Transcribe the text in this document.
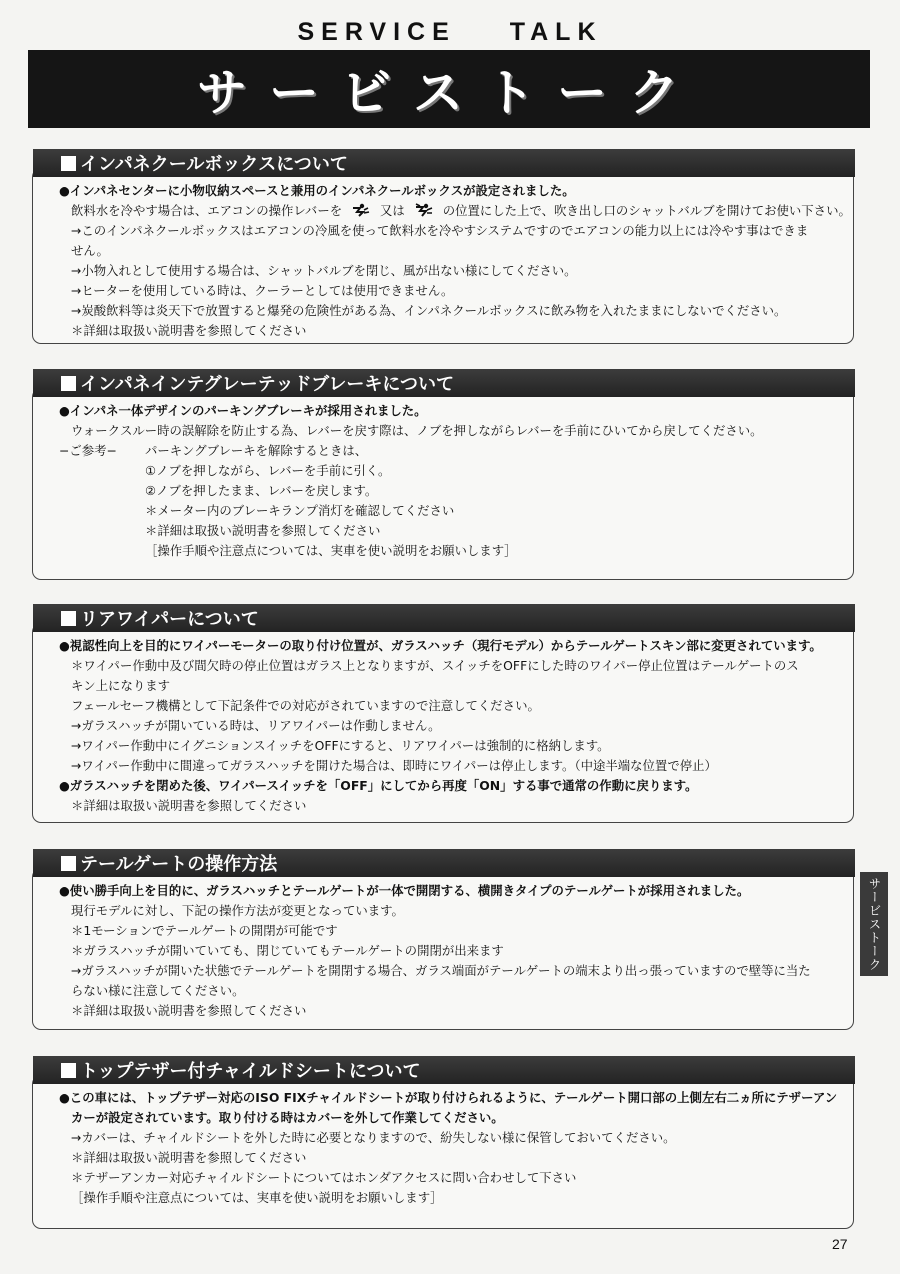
SERVICE TALK
サービストーク
インパネクールボックスについて
●インパネセンターに小物収納スペースと兼用のインパネクールボックスが設定されました。
飲料水を冷やす場合は、エアコンの操作レバーを	又は	の位置にした上で、吹き出し口のシャットバルブを開けてお使い下さい。
→このインパネクールボックスはエアコンの冷風を使って飲料水を冷やすシステムですのでエアコンの能力以上には冷やす事はできま
せん。
→小物入れとして使用する場合は、シャットバルブを閉じ、風が出ない様にしてください。
→ヒーターを使用している時は、クーラーとしては使用できません。
→炭酸飲料等は炎天下で放置すると爆発の危険性がある為、インパネクールボックスに飲み物を入れたままにしないでください。
＊詳細は取扱い説明書を参照してください
インパネインテグレーテッドブレーキについて
●インパネ一体デザインのパーキングブレーキが採用されました。
ウォークスルー時の誤解除を防止する為、レバーを戻す際は、ノブを押しながらレバーを手前にひいてから戻してください。
−ご参考−	パーキングブレーキを解除するときは、
①ノブを押しながら、レバーを手前に引く。
②ノブを押したまま、レバーを戻します。
＊メーター内のブレーキランプ消灯を確認してください
＊詳細は取扱い説明書を参照してください
［操作手順や注意点については、実車を使い説明をお願いします］
リアワイパーについて
●視認性向上を目的にワイパーモーターの取り付け位置が、ガラスハッチ（現行モデル）からテールゲートスキン部に変更されています。
＊ワイパー作動中及び間欠時の停止位置はガラス上となりますが、スイッチをOFFにした時のワイパー停止位置はテールゲートのス
キン上になります
フェールセーフ機構として下記条件での対応がされていますので注意してください。
→ガラスハッチが開いている時は、リアワイパーは作動しません。
→ワイパー作動中にイグニションスイッチをOFFにすると、リアワイパーは強制的に格納します。
→ワイパー作動中に間違ってガラスハッチを開けた場合は、即時にワイパーは停止します。（中途半端な位置で停止）
●ガラスハッチを閉めた後、ワイパースイッチを「OFF」にしてから再度「ON」する事で通常の作動に戻ります。
＊詳細は取扱い説明書を参照してください
テールゲートの操作方法
●使い勝手向上を目的に、ガラスハッチとテールゲートが一体で開閉する、横開きタイプのテールゲートが採用されました。
現行モデルに対し、下記の操作方法が変更となっています。
＊1モーションでテールゲートの開閉が可能です
＊ガラスハッチが開いていても、閉じていてもテールゲートの開閉が出来ます
→ガラスハッチが開いた状態でテールゲートを開閉する場合、ガラス端面がテールゲートの端末より出っ張っていますので壁等に当た
らない様に注意してください。
＊詳細は取扱い説明書を参照してください
トップテザー付チャイルドシートについて
●この車には、トップテザー対応のISO FIXチャイルドシートが取り付けられるように、テールゲート開口部の上側左右二ヵ所にテザーアン
カーが設定されています。取り付ける時はカバーを外して作業してください。
→カバーは、チャイルドシートを外した時に必要となりますので、紛失しない様に保管しておいてください。
＊詳細は取扱い説明書を参照してください
＊テザーアンカー対応チャイルドシートについてはホンダアクセスに問い合わせして下さい
［操作手順や注意点については、実車を使い説明をお願いします］
サービストーク
27
